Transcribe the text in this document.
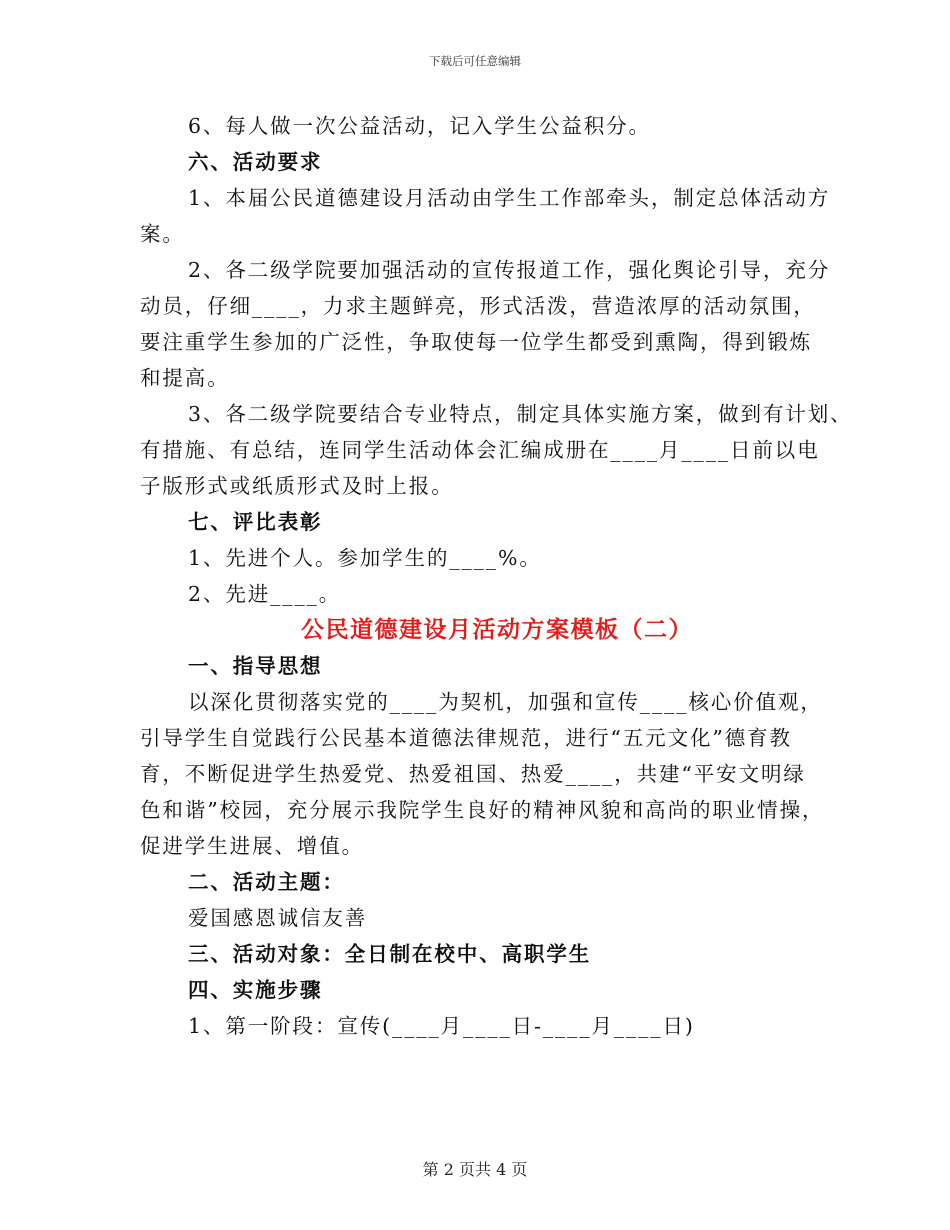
下载后可任意编辑
6、每人做一次公益活动，记入学生公益积分。
六、活动要求
1、本届公民道德建设月活动由学生工作部牵头，制定总体活动方
案。
2、各二级学院要加强活动的宣传报道工作，强化舆论引导，充分
动员，仔细____，力求主题鲜亮，形式活泼，营造浓厚的活动氛围，
要注重学生参加的广泛性，争取使每一位学生都受到熏陶，得到锻炼
和提高。
3、各二级学院要结合专业特点，制定具体实施方案，做到有计划、
有措施、有总结，连同学生活动体会汇编成册在____月____日前以电
子版形式或纸质形式及时上报。
七、评比表彰
1、先进个人。参加学生的____%。
2、先进____。
公民道德建设月活动方案模板（二）
一、指导思想
以深化贯彻落实党的____为契机，加强和宣传____核心价值观，
引导学生自觉践行公民基本道德法律规范，进行“五元文化”德育教
育，不断促进学生热爱党、热爱祖国、热爱____，共建“平安文明绿
色和谐”校园，充分展示我院学生良好的精神风貌和高尚的职业情操，
促进学生进展、增值。
二、活动主题：
爱国感恩诚信友善
三、活动对象：全日制在校中、高职学生
四、实施步骤
1、第一阶段：宣传(____月____日-____月____日)
第 2 页共 4 页
